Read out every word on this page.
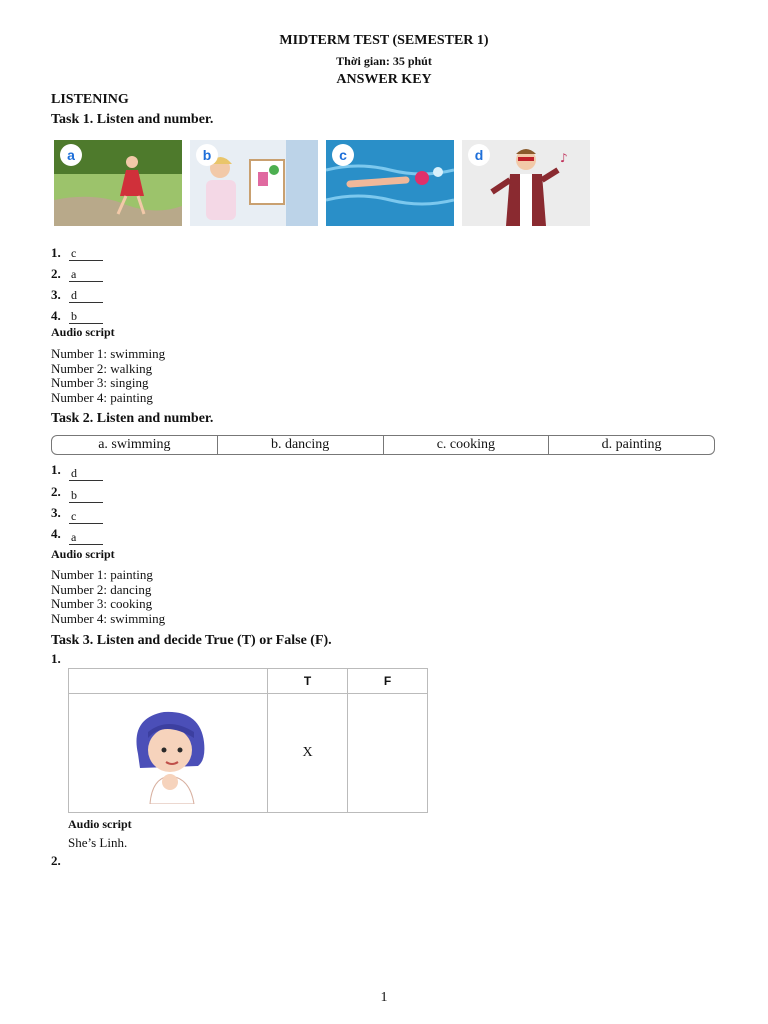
MIDTERM TEST (SEMESTER 1)
Thời gian: 35 phút
ANSWER KEY
LISTENING
Task 1. Listen and number.
a	b	c	♪
d
1. c
2. a
3. d
4. b
Audio script
Number 1: swimming
Number 2: walking
Number 3: singing
Number 4: painting
Task 2. Listen and number.
a. swimming	b. dancing	c. cooking	d. painting
1. d
2. b
3. c
4. a
Audio script
Number 1: painting
Number 2: dancing
Number 3: cooking
Number 4: swimming
Task 3. Listen and decide True (T) or False (F).
1.
	T	F
	X	
Audio script
She’s Linh.
2.
1
